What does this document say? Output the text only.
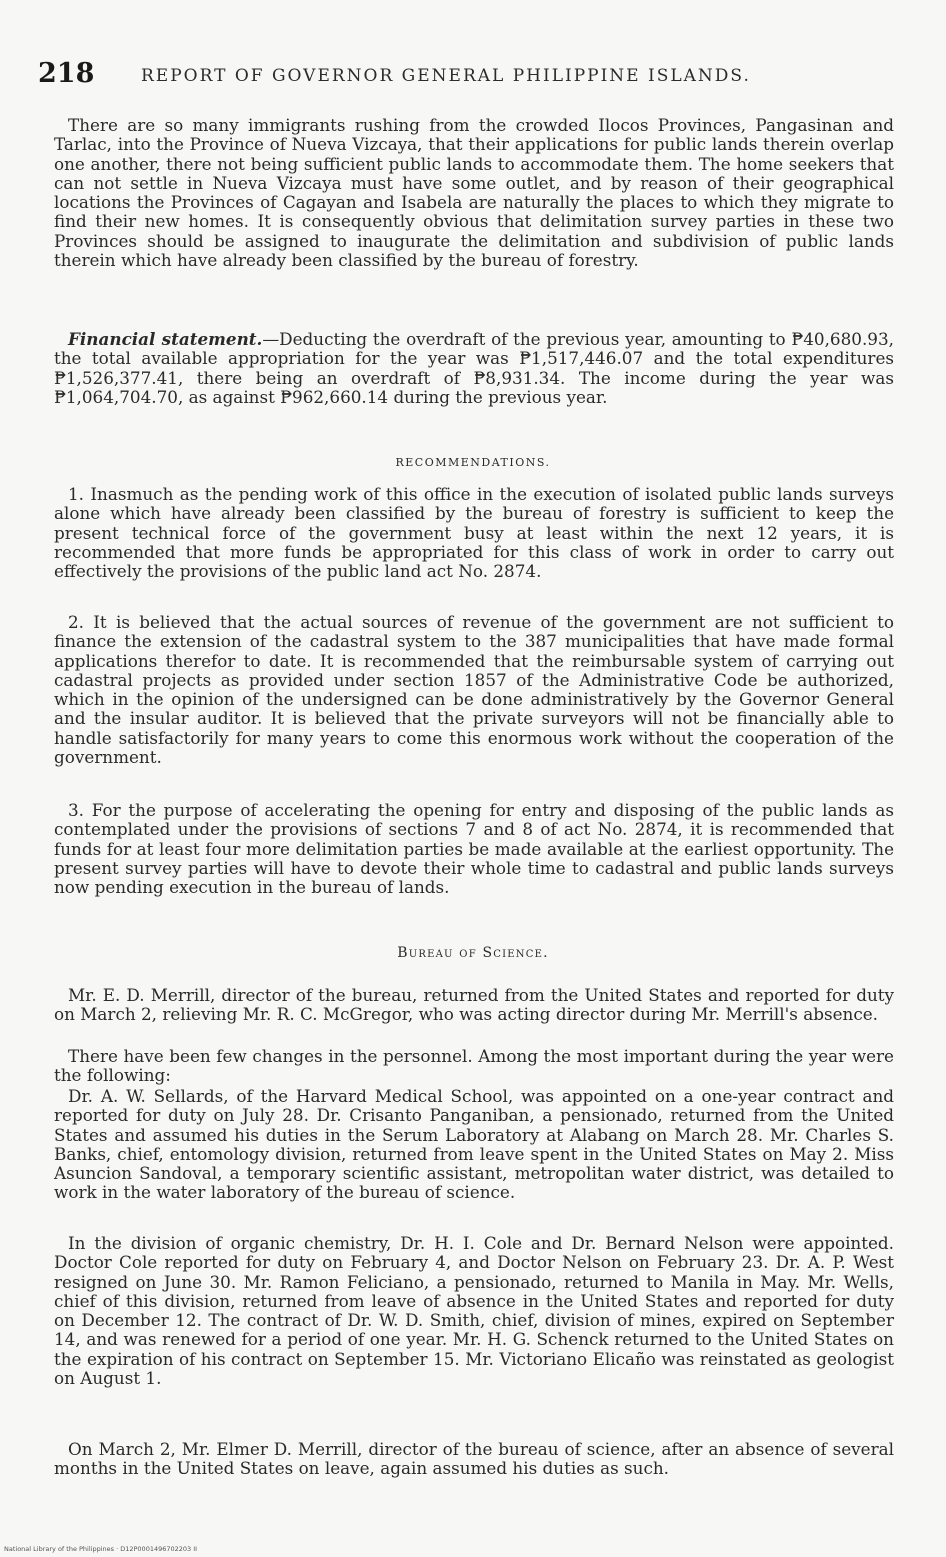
218	REPORT OF GOVERNOR GENERAL PHILIPPINE ISLANDS.

There are so many immigrants rushing from the crowded Ilocos Provinces, Pangasinan and Tarlac, into the Province of Nueva Vizcaya, that their applications for public lands therein overlap one another, there not being sufficient public lands to accommodate them. The home seekers that can not settle in Nueva Vizcaya must have some outlet, and by reason of their geographical locations the Provinces of Cagayan and Isabela are naturally the places to which they migrate to find their new homes. It is consequently obvious that delimitation survey parties in these two Provinces should be assigned to inaugurate the delimitation and subdivision of public lands therein which have already been classified by the bureau of forestry.

Financial statement.—Deducting the overdraft of the previous year, amounting to ₱40,680.93, the total available appropriation for the year was ₱1,517,446.07 and the total expenditures ₱1,526,377.41, there being an overdraft of ₱8,931.34. The income during the year was ₱1,064,704.70, as against ₱962,660.14 during the previous year.

RECOMMENDATIONS.

1. Inasmuch as the pending work of this office in the execution of isolated public lands surveys alone which have already been classified by the bureau of forestry is sufficient to keep the present technical force of the government busy at least within the next 12 years, it is recommended that more funds be appropriated for this class of work in order to carry out effectively the provisions of the public land act No. 2874.

2. It is believed that the actual sources of revenue of the government are not sufficient to finance the extension of the cadastral system to the 387 municipalities that have made formal applications therefor to date. It is recommended that the reimbursable system of carrying out cadastral projects as provided under section 1857 of the Administrative Code be authorized, which in the opinion of the undersigned can be done administratively by the Governor General and the insular auditor. It is believed that the private surveyors will not be financially able to handle satisfactorily for many years to come this enormous work without the cooperation of the government.

3. For the purpose of accelerating the opening for entry and disposing of the public lands as contemplated under the provisions of sections 7 and 8 of act No. 2874, it is recommended that funds for at least four more delimitation parties be made available at the earliest opportunity. The present survey parties will have to devote their whole time to cadastral and public lands surveys now pending execution in the bureau of lands.

Bureau of Science.

Mr. E. D. Merrill, director of the bureau, returned from the United States and reported for duty on March 2, relieving Mr. R. C. McGregor, who was acting director during Mr. Merrill's absence.

There have been few changes in the personnel. Among the most important during the year were the following:

Dr. A. W. Sellards, of the Harvard Medical School, was appointed on a one-year contract and reported for duty on July 28. Dr. Crisanto Panganiban, a pensionado, returned from the United States and assumed his duties in the Serum Laboratory at Alabang on March 28. Mr. Charles S. Banks, chief, entomology division, returned from leave spent in the United States on May 2. Miss Asuncion Sandoval, a temporary scientific assistant, metropolitan water district, was detailed to work in the water laboratory of the bureau of science.

In the division of organic chemistry, Dr. H. I. Cole and Dr. Bernard Nelson were appointed. Doctor Cole reported for duty on February 4, and Doctor Nelson on February 23. Dr. A. P. West resigned on June 30. Mr. Ramon Feliciano, a pensionado, returned to Manila in May. Mr. Wells, chief of this division, returned from leave of absence in the United States and reported for duty on December 12. The contract of Dr. W. D. Smith, chief, division of mines, expired on September 14, and was renewed for a period of one year. Mr. H. G. Schenck returned to the United States on the expiration of his contract on September 15. Mr. Victoriano Elicaño was reinstated as geologist on August 1.

On March 2, Mr. Elmer D. Merrill, director of the bureau of science, after an absence of several months in the United States on leave, again assumed his duties as such.

National Library of the Philippines · D12P0001496702203 II
